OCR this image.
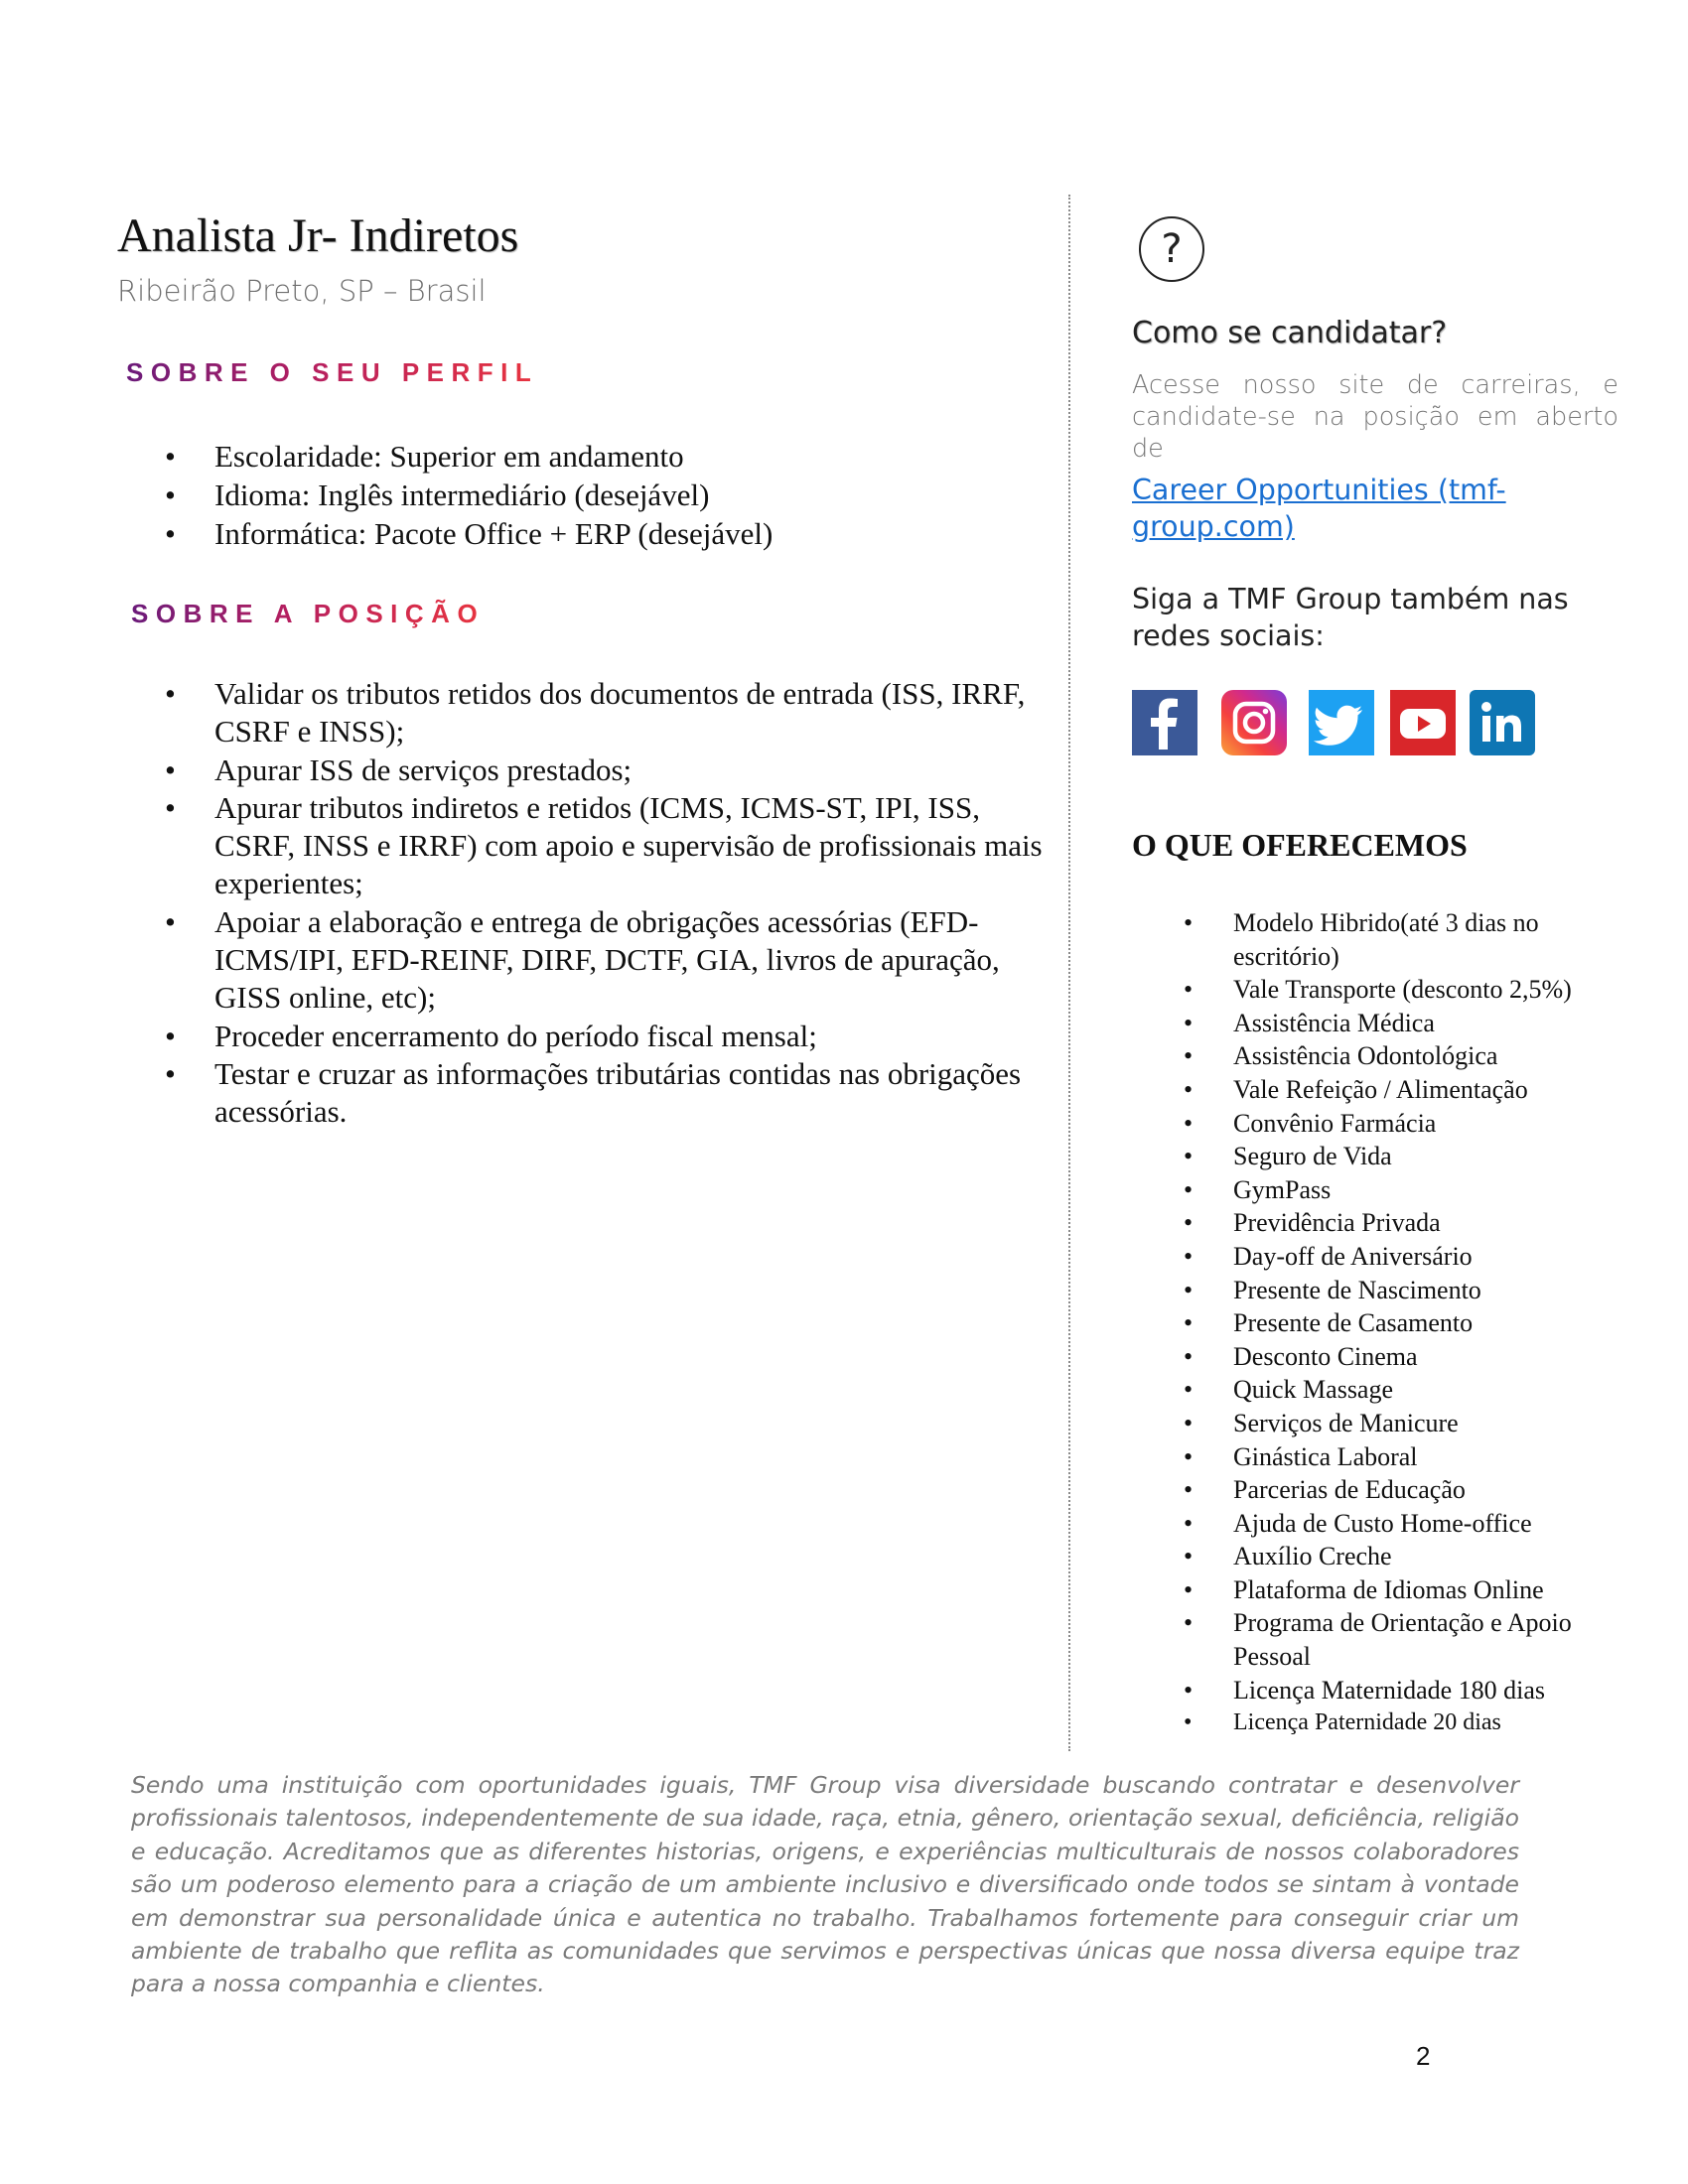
Analista Jr- Indiretos
Ribeirão Preto, SP – Brasil
SOBRE O SEU PERFIL
• Escolaridade: Superior em andamento
• Idioma: Inglês intermediário (desejável)
• Informática: Pacote Office + ERP (desejável)
SOBRE A POSIÇÃO
• Validar os tributos retidos dos documentos de entrada (ISS, IRRF, CSRF e INSS);
• Apurar ISS de serviços prestados;
• Apurar tributos indiretos e retidos (ICMS, ICMS-ST, IPI, ISS, CSRF, INSS e IRRF) com apoio e supervisão de profissionais mais experientes;
• Apoiar a elaboração e entrega de obrigações acessórias (EFD-ICMS/IPI, EFD-REINF, DIRF, DCTF, GIA, livros de apuração, GISS online, etc);
• Proceder encerramento do período fiscal mensal;
• Testar e cruzar as informações tributárias contidas nas obrigações acessórias.
?
Como se candidatar?
Acesse nosso site de carreiras, e candidate-se na posição em aberto de
Career Opportunities (tmf-group.com)
Siga a TMF Group também nas redes sociais:
O QUE OFERECEMOS
• Modelo Hibrido(até 3 dias no escritório)
• Vale Transporte (desconto 2,5%)
• Assistência Médica
• Assistência Odontológica
• Vale Refeição / Alimentação
• Convênio Farmácia
• Seguro de Vida
• GymPass
• Previdência Privada
• Day-off de Aniversário
• Presente de Nascimento
• Presente de Casamento
• Desconto Cinema
• Quick Massage
• Serviços de Manicure
• Ginástica Laboral
• Parcerias de Educação
• Ajuda de Custo Home-office
• Auxílio Creche
• Plataforma de Idiomas Online
• Programa de Orientação e Apoio Pessoal
• Licença Maternidade 180 dias
• Licença Paternidade 20 dias
Sendo uma instituição com oportunidades iguais, TMF Group visa diversidade buscando contratar e desenvolver profissionais talentosos, independentemente de sua idade, raça, etnia, gênero, orientação sexual, deficiência, religião e educação. Acreditamos que as diferentes historias, origens, e experiências multiculturais de nossos colaboradores são um poderoso elemento para a criação de um ambiente inclusivo e diversificado onde todos se sintam à vontade em demonstrar sua personalidade única e autentica no trabalho. Trabalhamos fortemente para conseguir criar um ambiente de trabalho que reflita as comunidades que servimos e perspectivas únicas que nossa diversa equipe traz para a nossa companhia e clientes.
2
